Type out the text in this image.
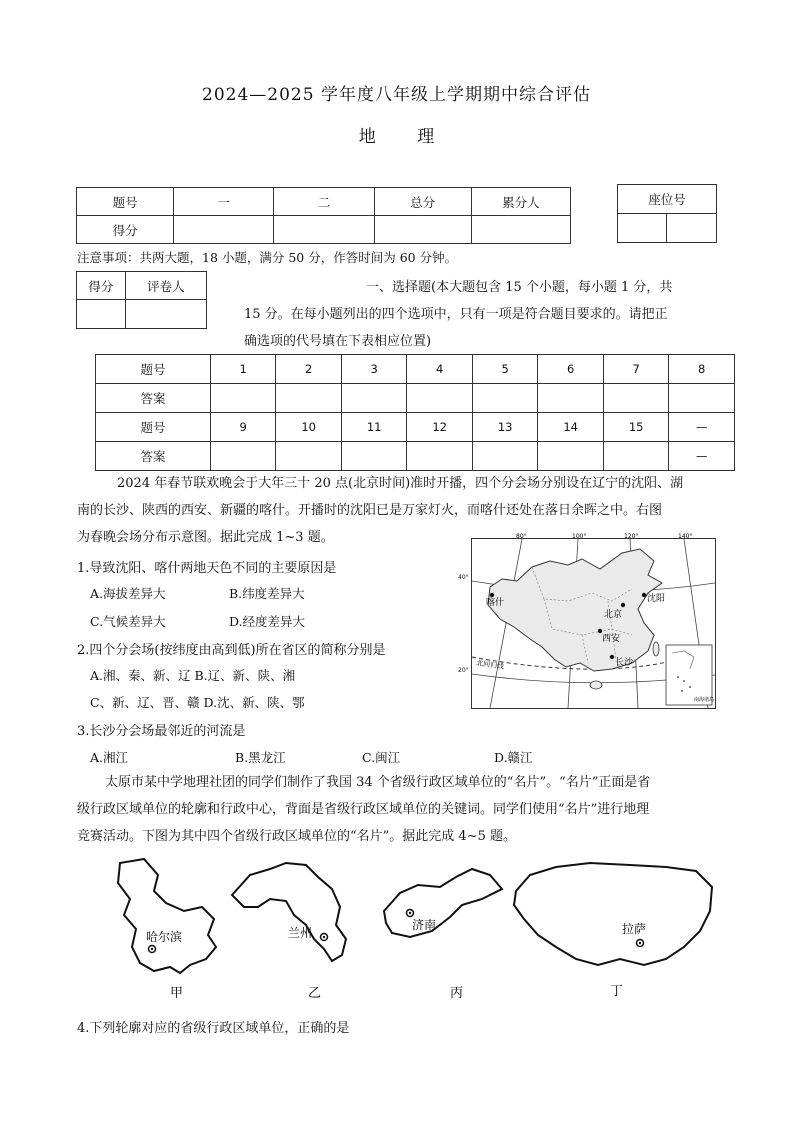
2024—2025 学年度八年级上学期期中综合评估
地 理
题号	一	二	总分	累分人
得分				
座位号

注意事项：共两大题，18 小题，满分 50 分，作答时间为 60 分钟。
得分	评卷人
		一、选择题(本大题包含 15 个小题，每小题 1 分，共
15 分。在每小题列出的四个选项中，只有一项是符合题目要求的。请把正
确选项的代号填在下表相应位置)
题号	1	2	3	4	5	6	7	8
答案								
题号	9	10	11	12	13	14	15	—
答案								—
2024 年春节联欢晚会于大年三十 20 点(北京时间)准时开播，四个分会场分别设在辽宁的沈阳、湖
南的长沙、陕西的西安、新疆的喀什。开播时的沈阳已是万家灯火，而喀什还处在落日余晖之中。右图
为春晚会场分布示意图。据此完成 1~3 题。
1.导致沈阳、喀什两地天色不同的主要原因是
A.海拔差异大	B.纬度差异大
C.气候差异大	D.经度差异大
2.四个分会场(按纬度由高到低)所在省区的简称分别是
A.湘、秦、新、辽 B.辽、新、陕、湘
C、新、辽、晋、赣 D.沈、新、陕、鄂
3.长沙分会场最邻近的河流是
A.湘江	B.黑龙江	C.闽江	D.赣江
喀什
北京
沈阳
西安
长沙
北回归线
80°	100°	120°	140°
南海诸岛
40°
20°
太原市某中学地理社团的同学们制作了我国 34 个省级行政区域单位的“名片”。“名片”正面是省
级行政区域单位的轮廓和行政中心，背面是省级行政区域单位的关键词。同学们使用“名片”进行地理
竞赛活动。下图为其中四个省级行政区域单位的“名片”。据此完成 4~5 题。
哈尔滨
甲
兰州
乙
济南
丙
拉萨
丁
4.下列轮廓对应的省级行政区域单位，正确的是
